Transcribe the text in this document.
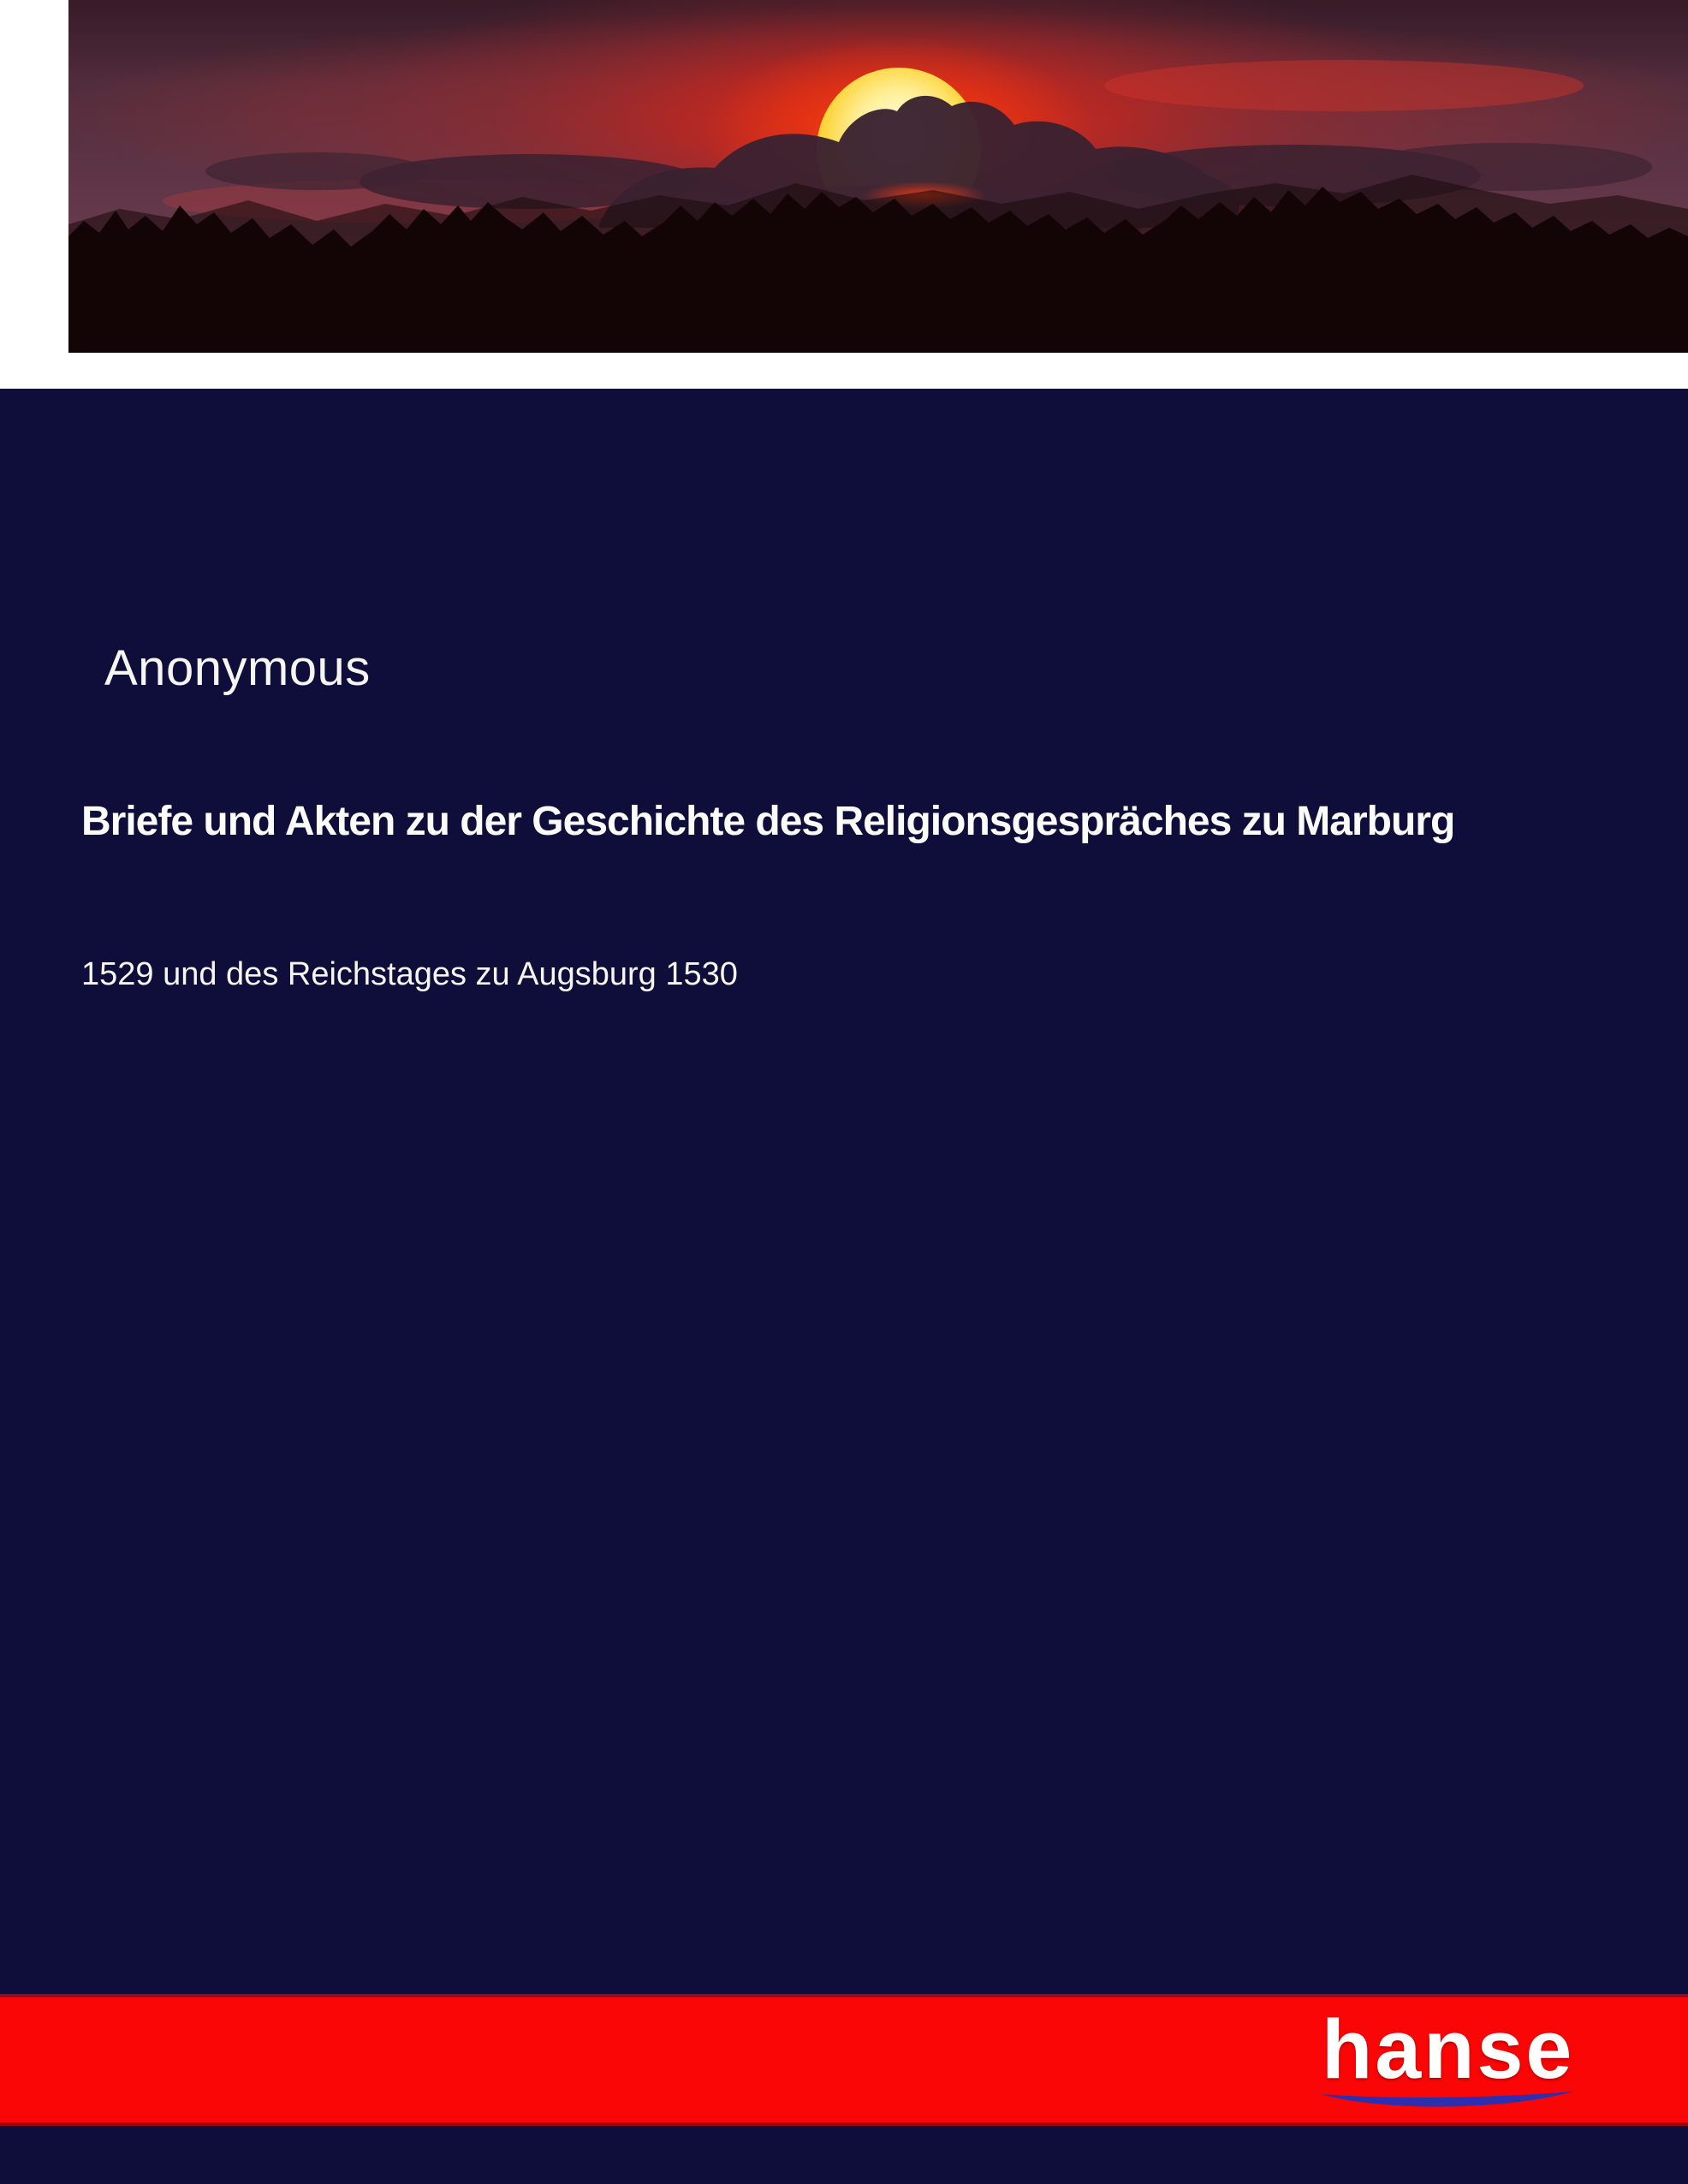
Anonymous
Briefe und Akten zu der Geschichte des Religionsgespräches zu Marburg
1529 und des Reichstages zu Augsburg 1530
hanse
